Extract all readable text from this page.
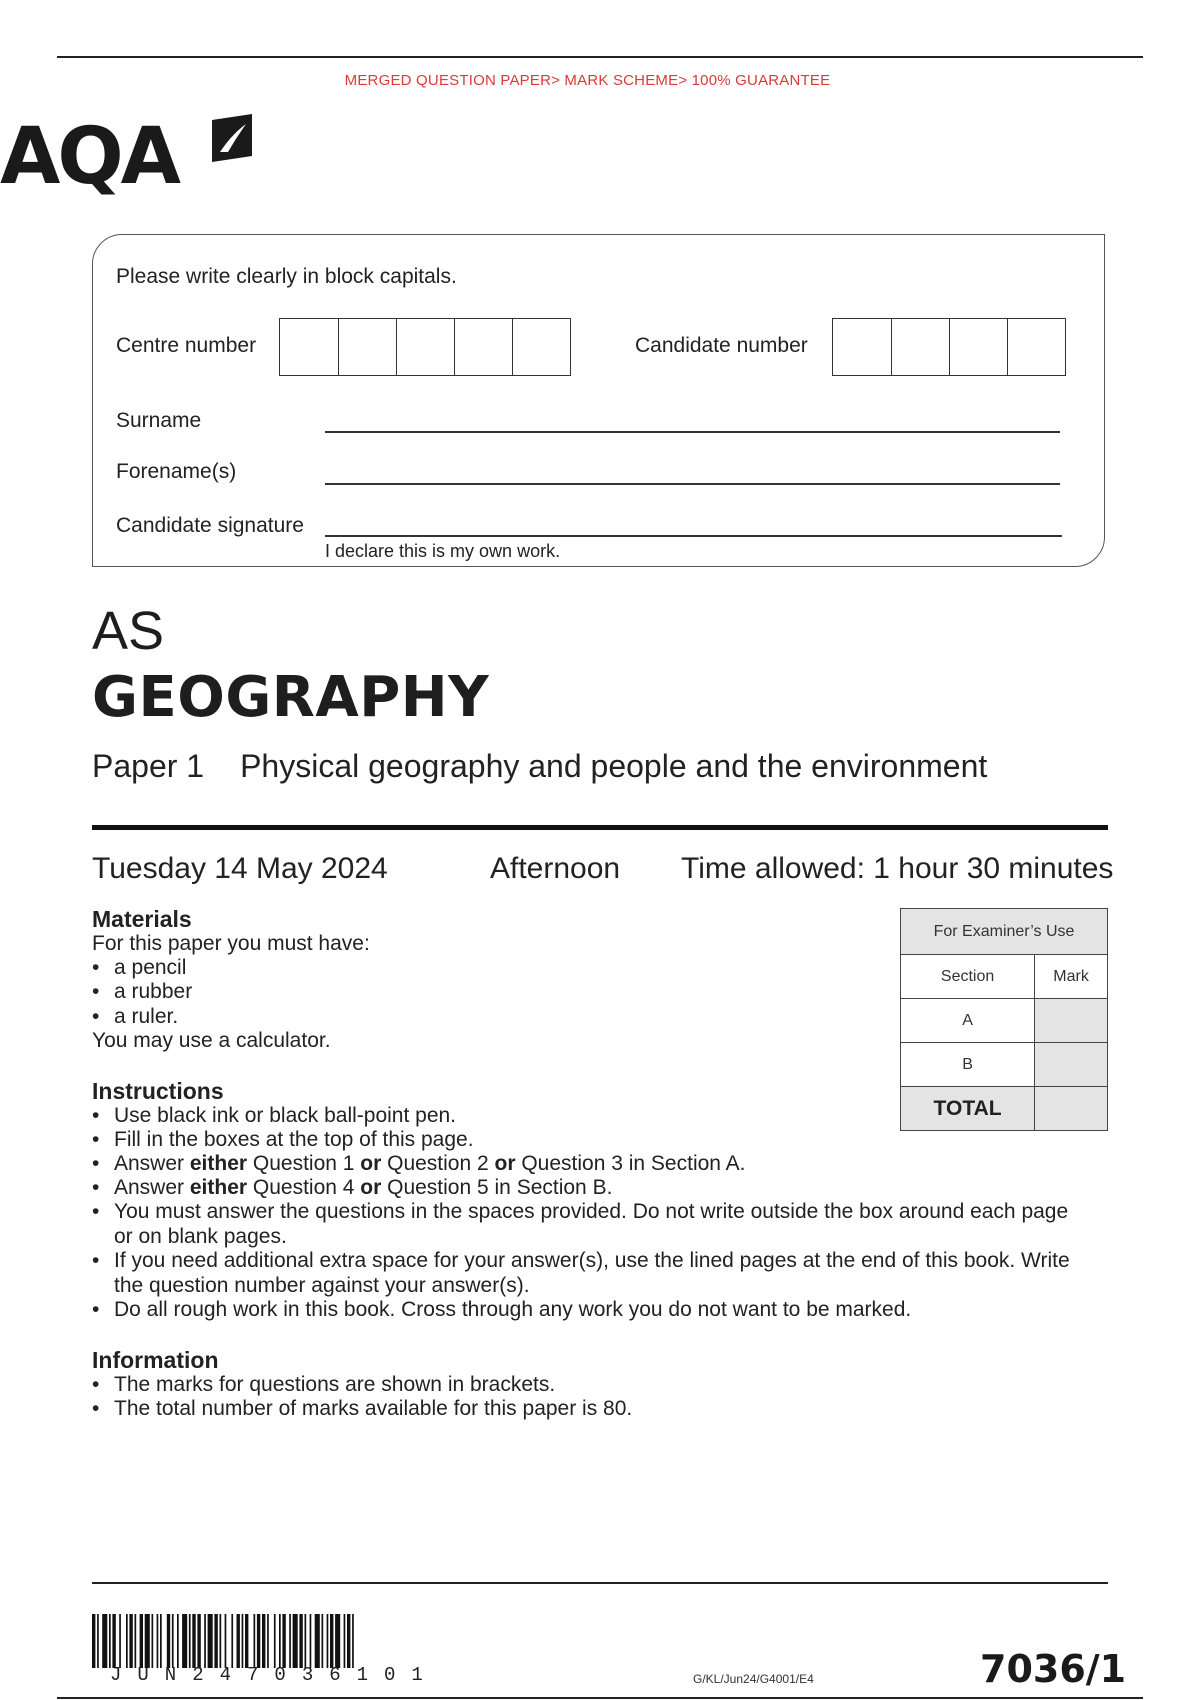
MERGED QUESTION PAPER> MARK SCHEME> 100% GUARANTEE
AQA
Please write clearly in block capitals.
Centre number	Candidate number
Surname
Forename(s)
Candidate signature
I declare this is my own work.
AS
GEOGRAPHY
Paper 1 Physical geography and people and the environment
Tuesday 14 May 2024	Afternoon Time allowed: 1 hour 30 minutes
Materials
For this paper you must have:
• a pencil
• a rubber
• a ruler.
You may use a calculator.
Instructions
• Use black ink or black ball-point pen.
• Fill in the boxes at the top of this page.
• Answer either Question 1 or Question 2 or Question 3 in Section A.
• Answer either Question 4 or Question 5 in Section B.
• You must answer the questions in the spaces provided. Do not write outside the box around each page or on blank pages.
• If you need additional extra space for your answer(s), use the lined pages at the end of this book. Write the question number against your answer(s).
• Do all rough work in this book. Cross through any work you do not want to be marked.
Information
• The marks for questions are shown in brackets.
• The total number of marks available for this paper is 80.
For Examiner’s Use	
Section	Mark
A	
B	
TOTAL	
JUN247036101	G/KL/Jun24/G4001/E4	7036/1
